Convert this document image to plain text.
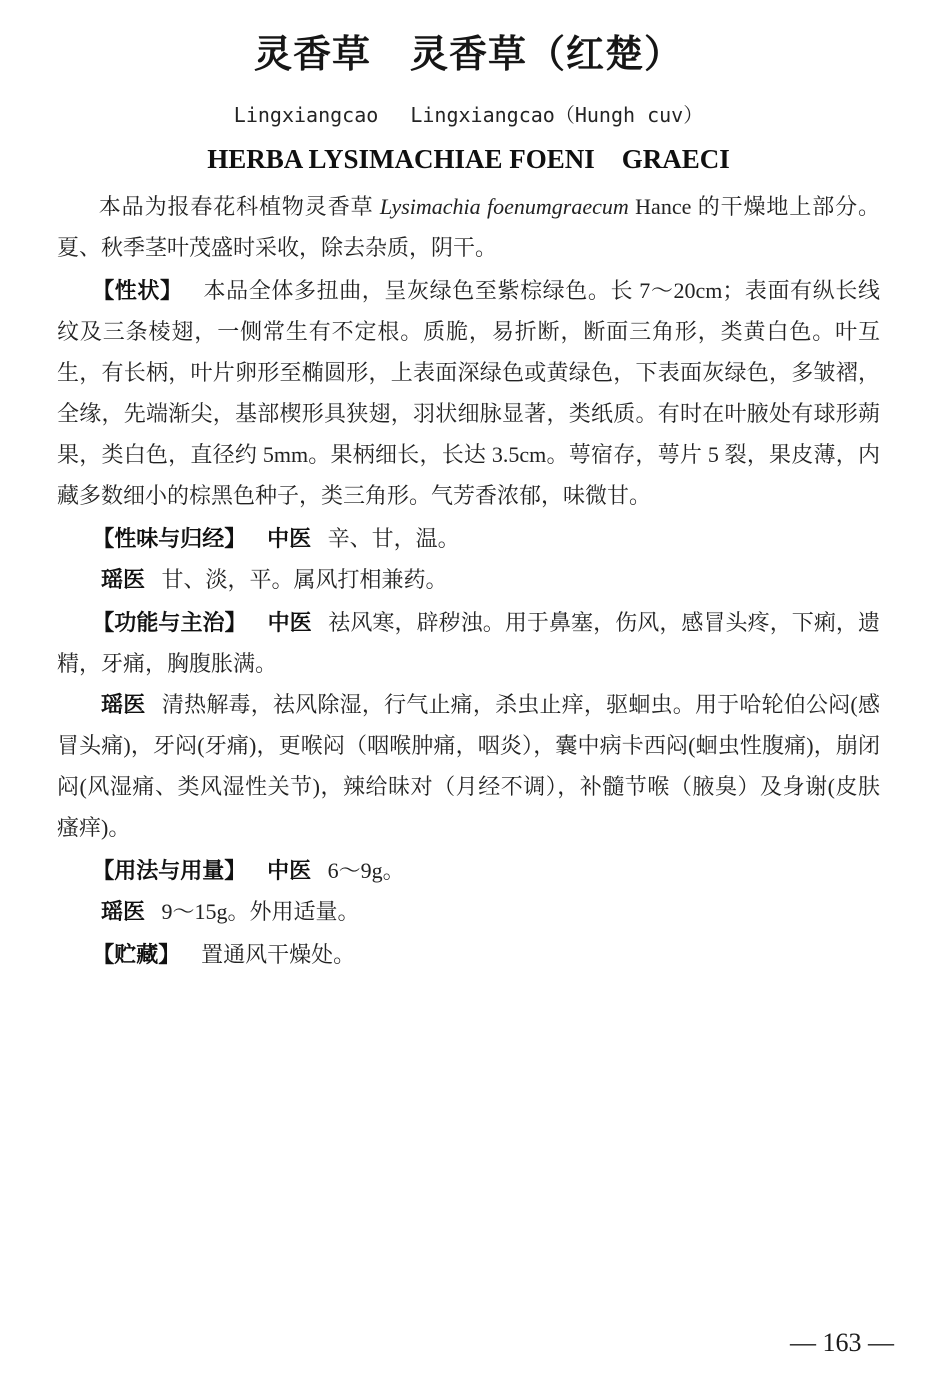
灵香草　灵香草（红楚）
Lingxiangcao　 Lingxiangcao（Hungh cuv）
HERBA LYSIMACHIAE FOENI　GRAECI

本品为报春花科植物灵香草 Lysimachia foenumgraecum Hance 的干燥地上部分。夏、秋季茎叶茂盛时采收，除去杂质，阴干。

【性状】 本品全体多扭曲，呈灰绿色至紫棕绿色。长 7～20cm；表面有纵长线纹及三条棱翅，一侧常生有不定根。质脆，易折断，断面三角形，类黄白色。叶互生，有长柄，叶片卵形至椭圆形，上表面深绿色或黄绿色，下表面灰绿色，多皱褶，全缘，先端渐尖，基部楔形具狭翅，羽状细脉显著，类纸质。有时在叶腋处有球形蒴果，类白色，直径约 5mm。果柄细长，长达 3.5cm。萼宿存，萼片 5 裂，果皮薄，内藏多数细小的棕黑色种子，类三角形。气芳香浓郁，味微甘。

【性味与归经】 中医 辛、甘，温。

瑶医 甘、淡，平。属风打相兼药。

【功能与主治】 中医 祛风寒，辟秽浊。用于鼻塞，伤风，感冒头疼，下痢，遗精，牙痛，胸腹胀满。

瑶医 清热解毒，祛风除湿，行气止痛，杀虫止痒，驱蛔虫。用于哈轮伯公闷(感冒头痛)，牙闷(牙痛)，更喉闷（咽喉肿痛，咽炎），囊中病卡西闷(蛔虫性腹痛)，崩闭闷(风湿痛、类风湿性关节)，辣给昧对（月经不调），补髓节喉（腋臭）及身谢(皮肤瘙痒)。

【用法与用量】 中医 6～9g。

瑶医 9～15g。外用适量。

【贮藏】 置通风干燥处。

— 163 —
